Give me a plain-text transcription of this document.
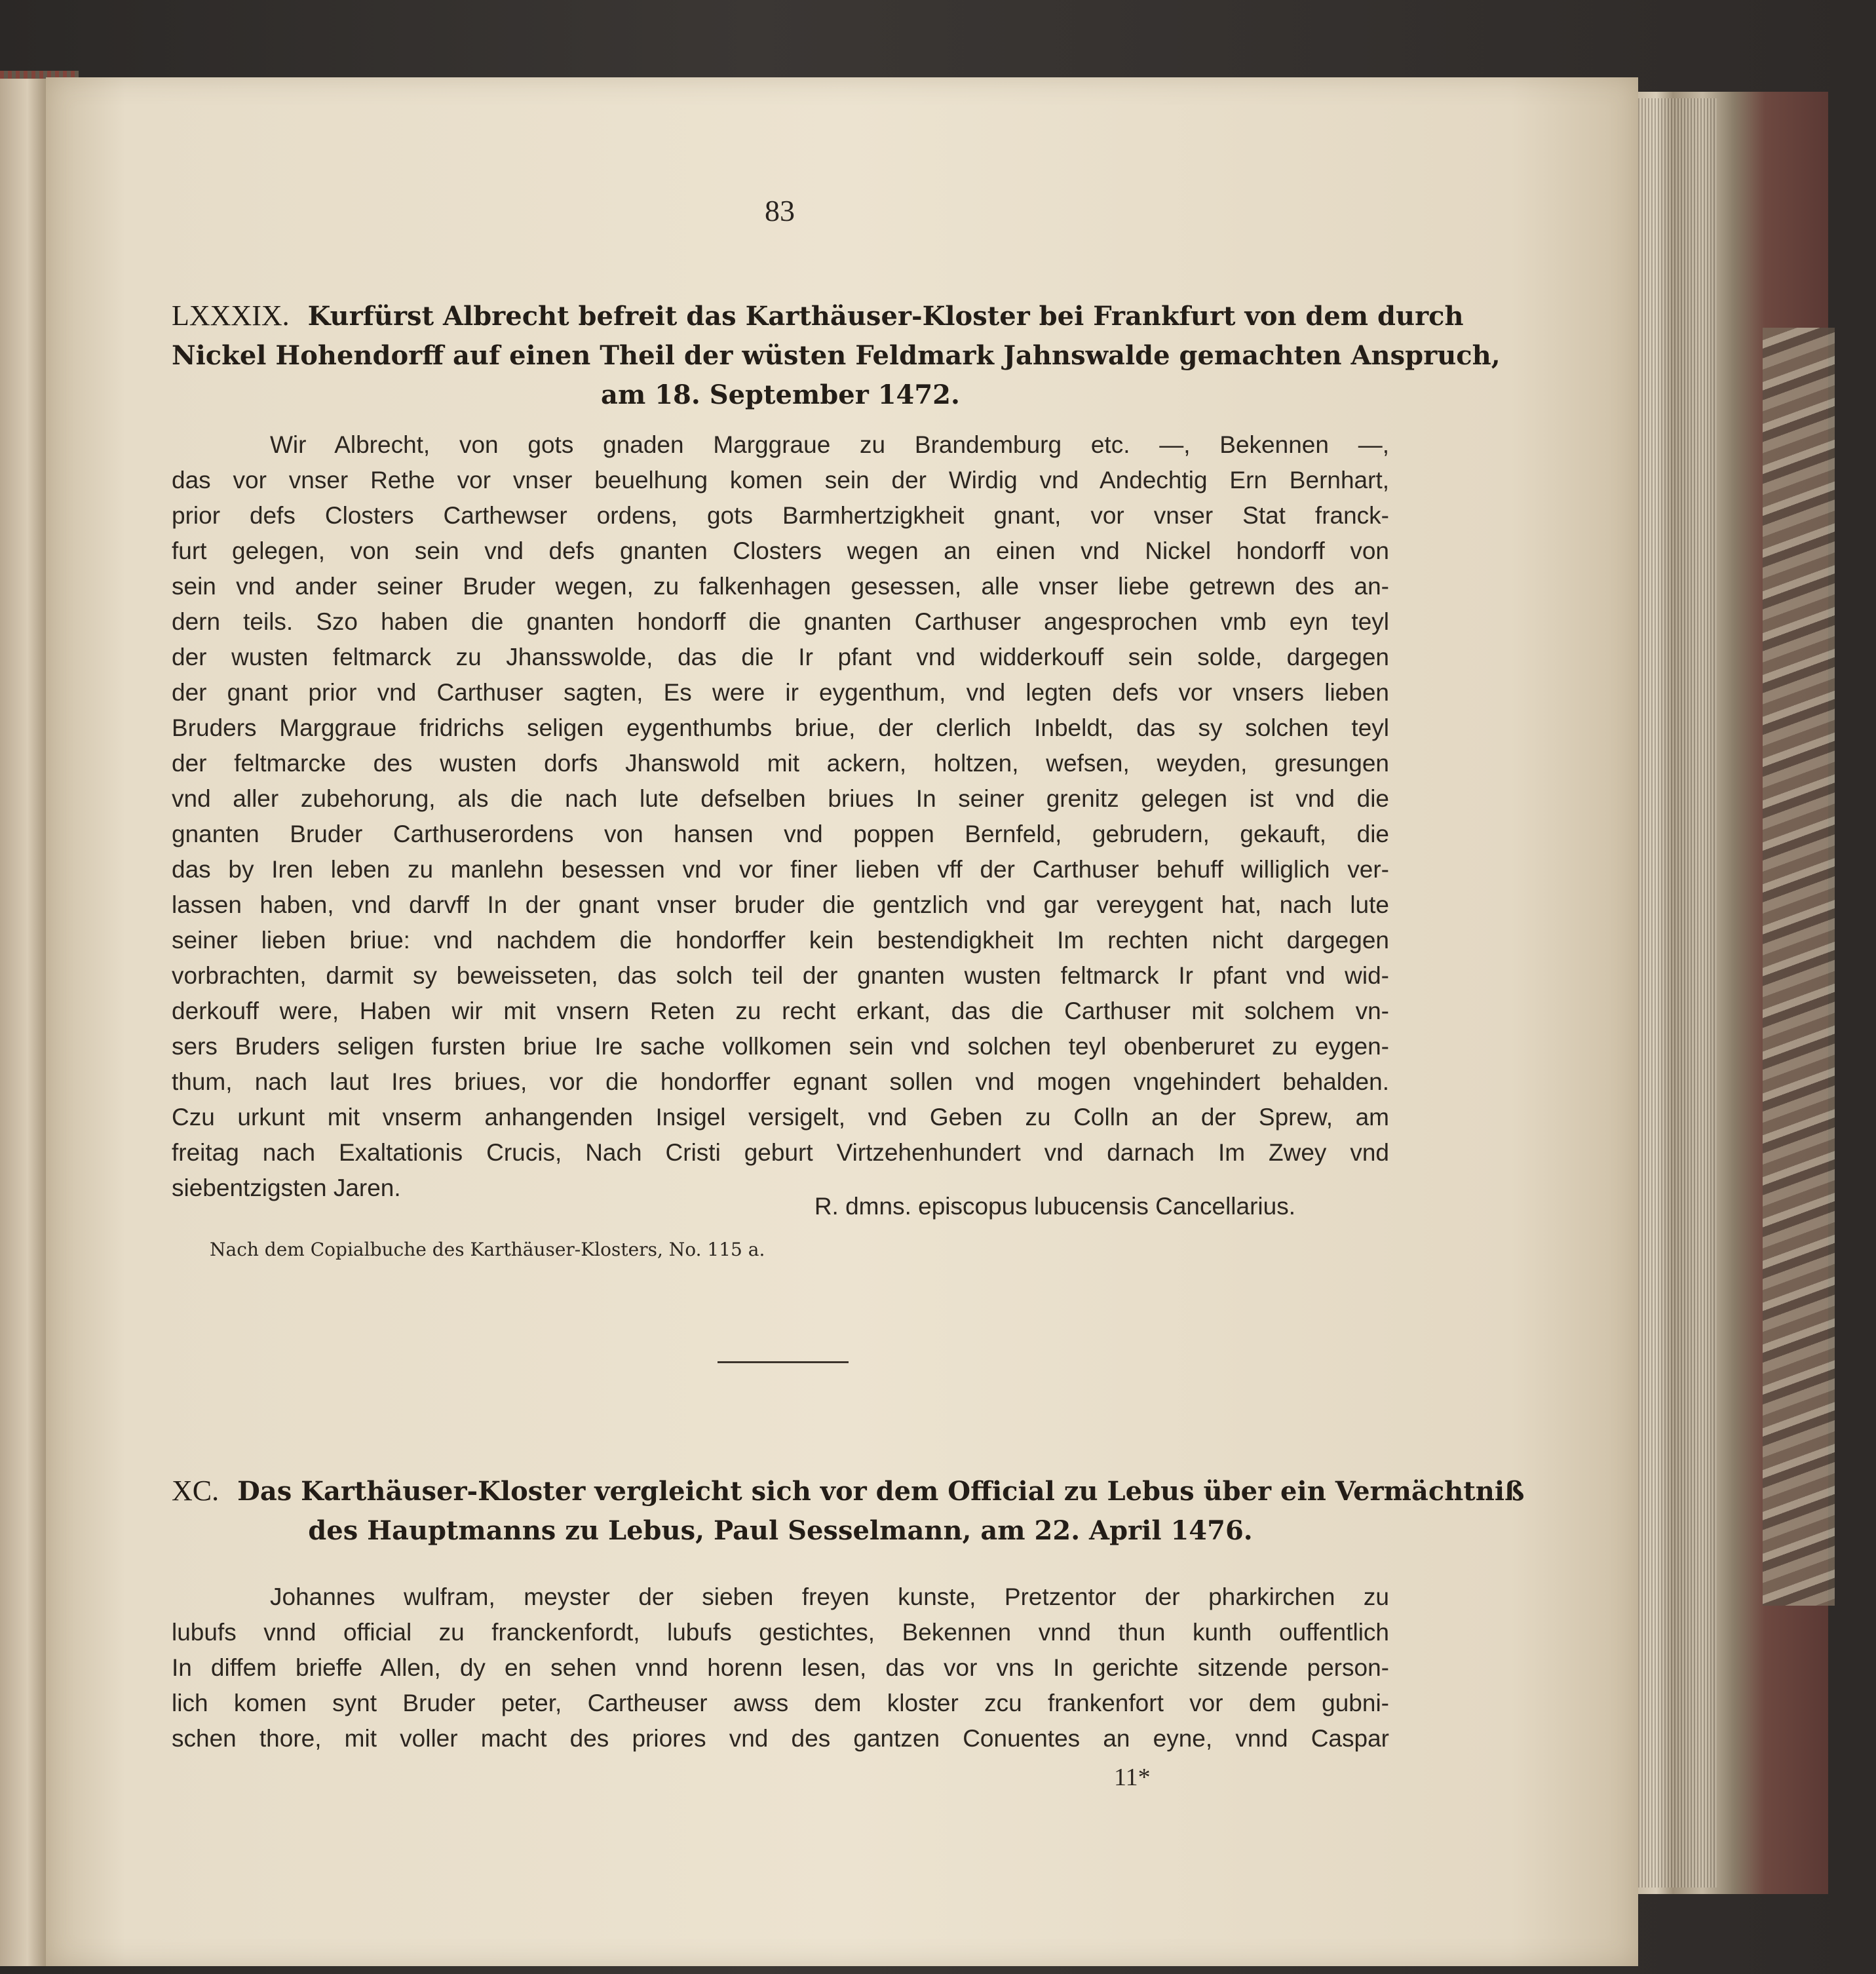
83
LXXXIX. Kurfürst Albrecht befreit das Karthäuser-Kloster bei Frankfurt von dem durch
Nickel Hohendorff auf einen Theil der wüsten Feldmark Jahnswalde gemachten Anspruch,
am 18. September 1472.
Wir Albrecht, von gots gnaden Marggraue zu Brandemburg etc. —, Bekennen —,
das vor vnser Rethe vor vnser beuelhung komen sein der Wirdig vnd Andechtig Ern Bernhart,
prior defs Closters Carthewser ordens, gots Barmhertzigkheit gnant, vor vnser Stat franck-
furt gelegen, von sein vnd defs gnanten Closters wegen an einen vnd Nickel hondorff von
sein vnd ander seiner Bruder wegen, zu falkenhagen gesessen, alle vnser liebe getrewn des an-
dern teils. Szo haben die gnanten hondorff die gnanten Carthuser angesprochen vmb eyn teyl
der wusten feltmarck zu Jhansswolde, das die Ir pfant vnd widderkouff sein solde, dargegen
der gnant prior vnd Carthuser sagten, Es were ir eygenthum, vnd legten defs vor vnsers lieben
Bruders Marggraue fridrichs seligen eygenthumbs briue, der clerlich Inbeldt, das sy solchen teyl
der feltmarcke des wusten dorfs Jhanswold mit ackern, holtzen, wefsen, weyden, gresungen
vnd aller zubehorung, als die nach lute defselben briues In seiner grenitz gelegen ist vnd die
gnanten Bruder Carthuserordens von hansen vnd poppen Bernfeld, gebrudern, gekauft, die
das by Iren leben zu manlehn besessen vnd vor finer lieben vff der Carthuser behuff williglich ver-
lassen haben, vnd darvff In der gnant vnser bruder die gentzlich vnd gar vereygent hat, nach lute
seiner lieben briue: vnd nachdem die hondorffer kein bestendigkheit Im rechten nicht dargegen
vorbrachten, darmit sy beweisseten, das solch teil der gnanten wusten feltmarck Ir pfant vnd wid-
derkouff were, Haben wir mit vnsern Reten zu recht erkant, das die Carthuser mit solchem vn-
sers Bruders seligen fursten briue Ire sache vollkomen sein vnd solchen teyl obenberuret zu eygen-
thum, nach laut Ires briues, vor die hondorffer egnant sollen vnd mogen vngehindert behalden.
Czu urkunt mit vnserm anhangenden Insigel versigelt, vnd Geben zu Colln an der Sprew, am
freitag nach Exaltationis Crucis, Nach Cristi geburt Virtzehenhundert vnd darnach Im Zwey vnd
siebentzigsten Jaren.
R. dmns. episcopus lubucensis Cancellarius.
Nach dem Copialbuche des Karthäuser-Klosters, No. 115 a.
XC. Das Karthäuser-Kloster vergleicht sich vor dem Official zu Lebus über ein Vermächtniß
des Hauptmanns zu Lebus, Paul Sesselmann, am 22. April 1476.
Johannes wulfram, meyster der sieben freyen kunste, Pretzentor der pharkirchen zu
lubufs vnnd official zu franckenfordt, lubufs gestichtes, Bekennen vnnd thun kunth ouffentlich
In diffem brieffe Allen, dy en sehen vnnd horenn lesen, das vor vns In gerichte sitzende person-
lich komen synt Bruder peter, Cartheuser awss dem kloster zcu frankenfort vor dem gubni-
schen thore, mit voller macht des priores vnd des gantzen Conuentes an eyne, vnnd Caspar
11*
